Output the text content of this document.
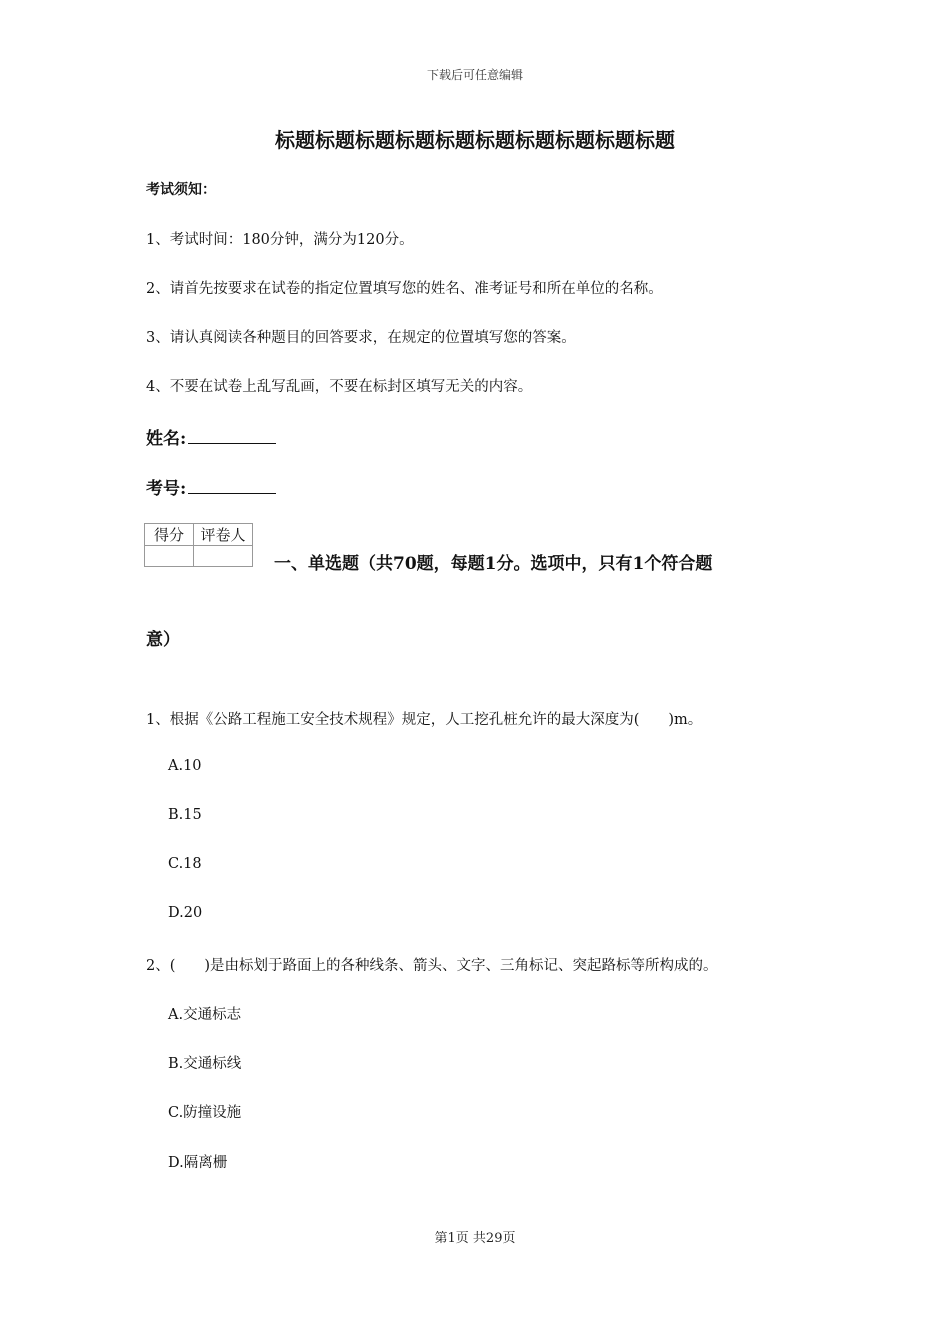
下载后可任意编辑
标题标题标题标题标题标题标题标题标题标题
考试须知：
1、考试时间：180分钟，满分为120分。
2、请首先按要求在试卷的指定位置填写您的姓名、准考证号和所在单位的名称。
3、请认真阅读各种题目的回答要求，在规定的位置填写您的答案。
4、不要在试卷上乱写乱画，不要在标封区填写无关的内容。
姓名:
考号:
得分	评卷人

一、单选题（共70题，每题1分。选项中，只有1个符合题
意）
1、根据《公路工程施工安全技术规程》规定，人工挖孔桩允许的最大深度为(　　)m。
A.10
B.15
C.18
D.20
2、(　　)是由标划于路面上的各种线条、箭头、文字、三角标记、突起路标等所构成的。
A.交通标志
B.交通标线
C.防撞设施
D.隔离栅
第1页 共29页
